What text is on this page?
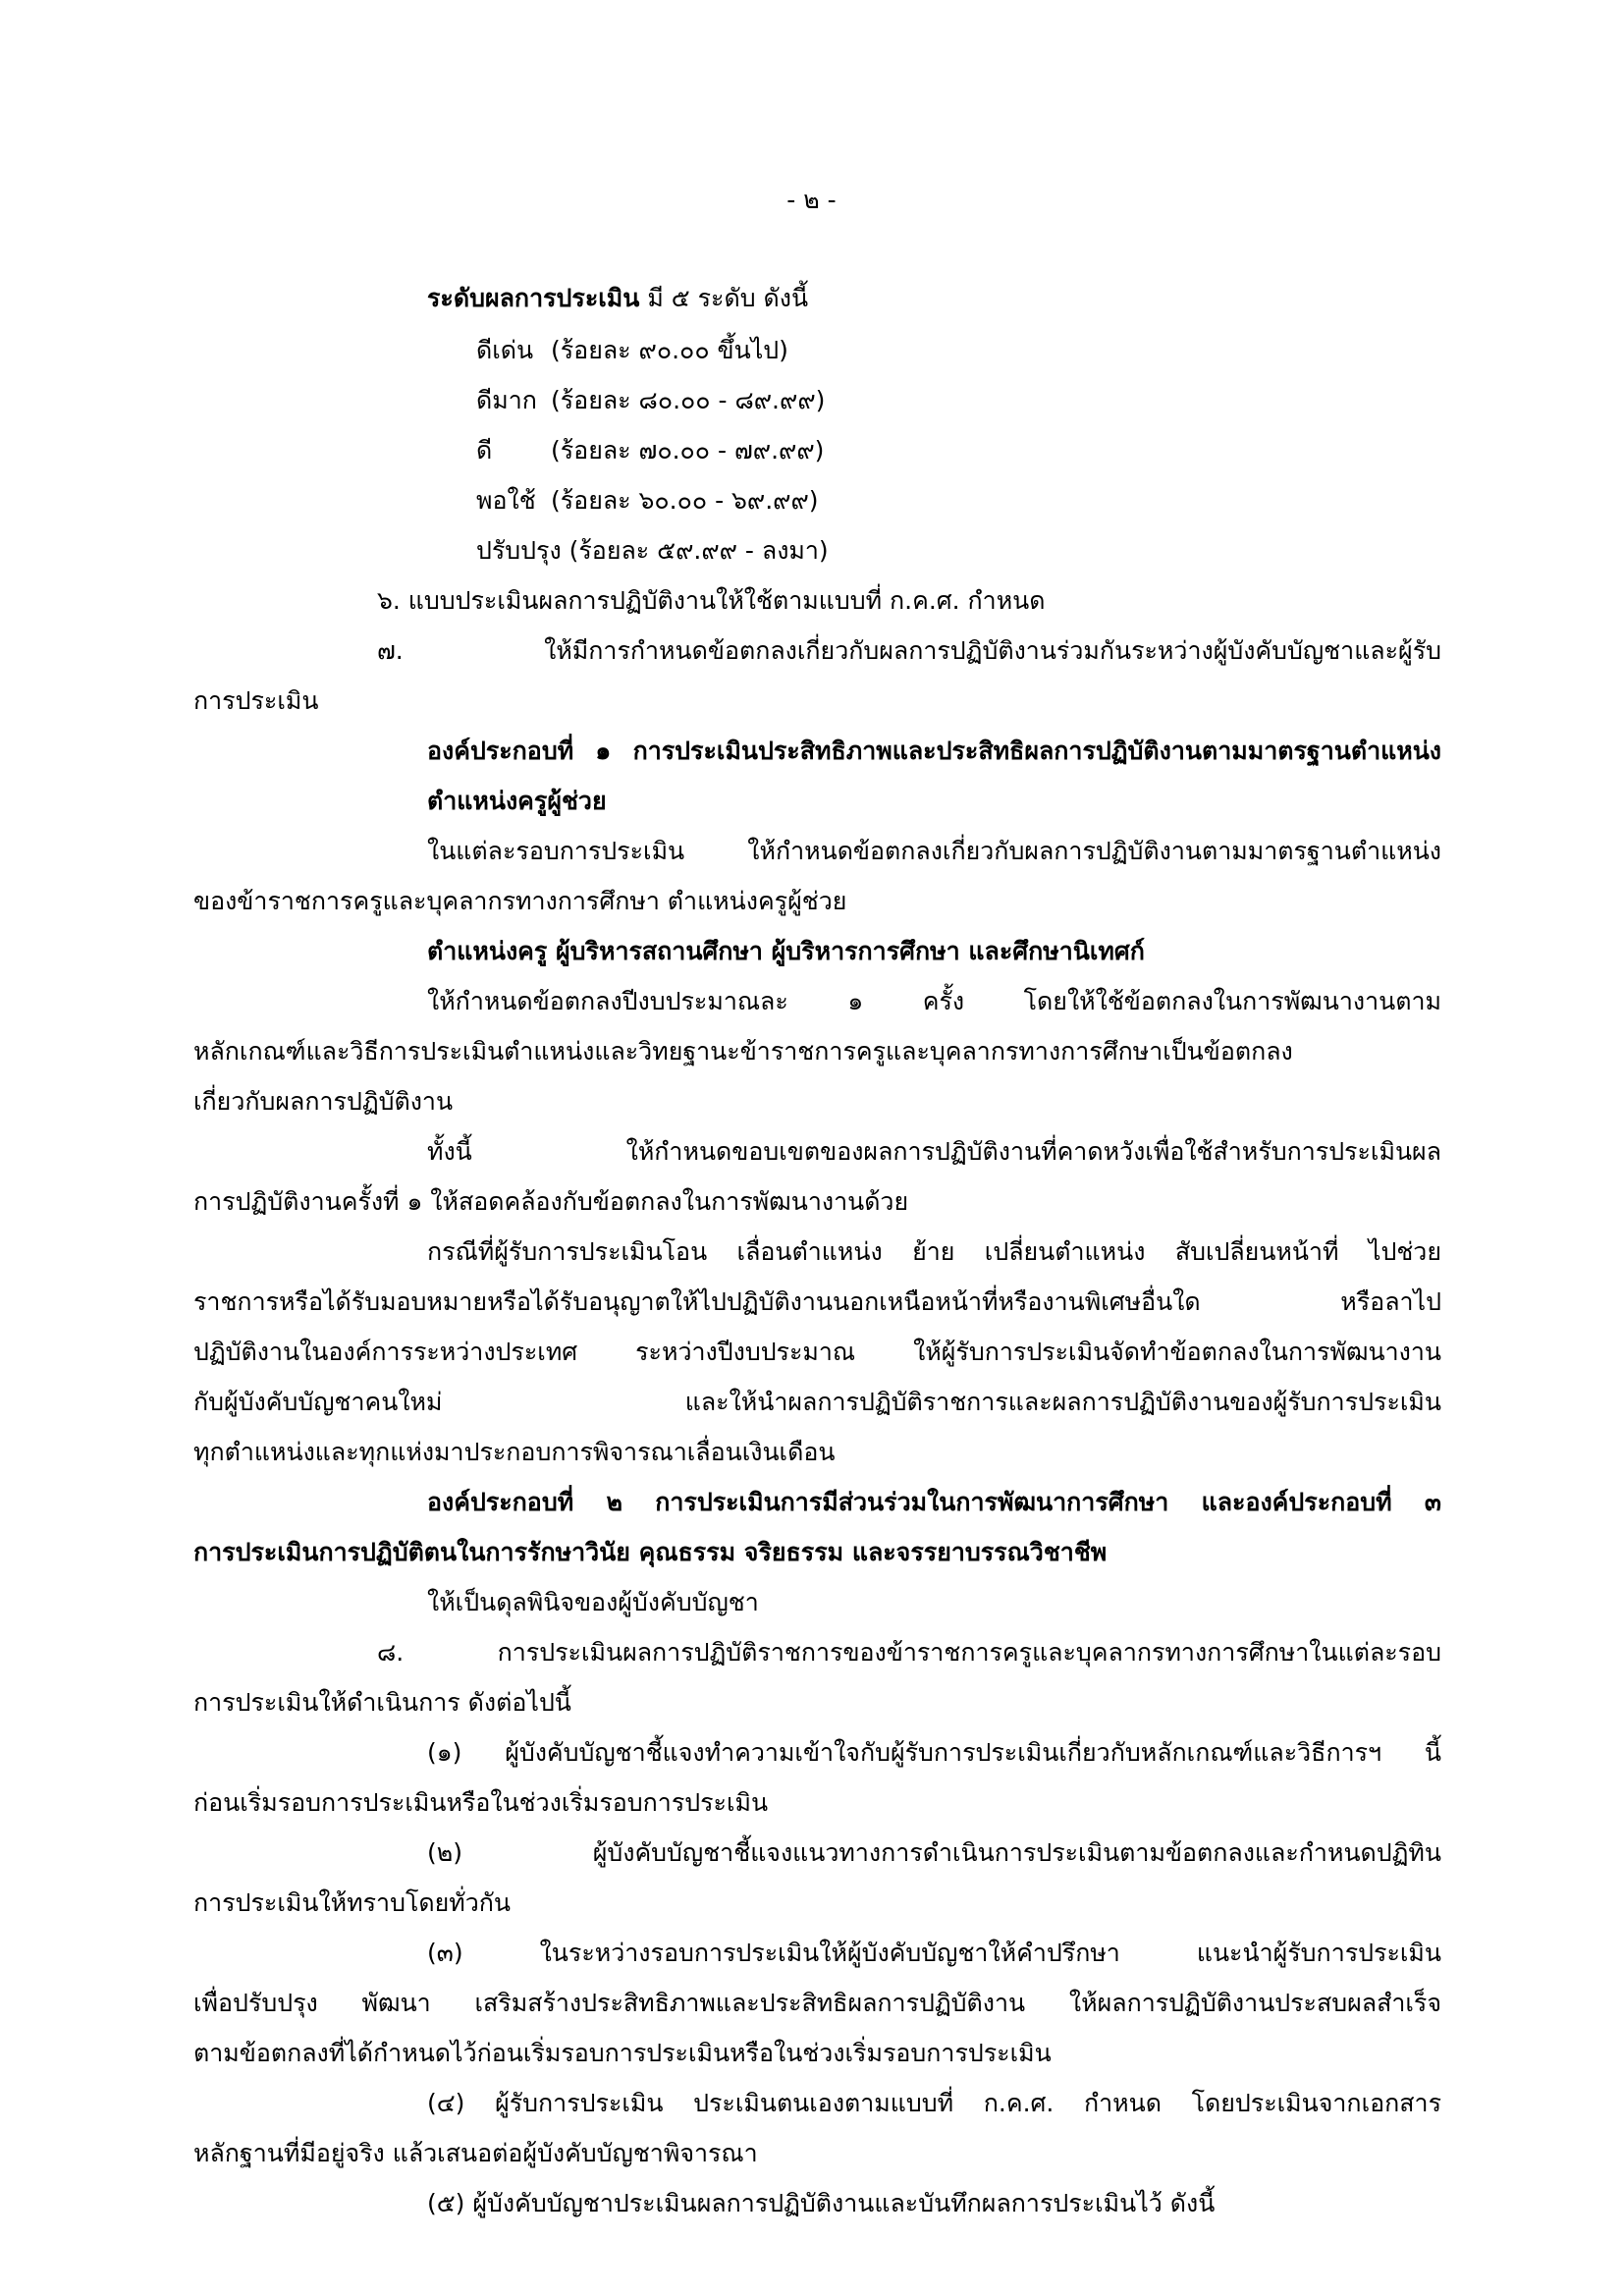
- ๒ -

ระดับผลการประเมิน มี ๕ ระดับ ดังนี้

ดีเด่น (ร้อยละ ๙๐.๐๐ ขึ้นไป)

ดีมาก (ร้อยละ ๘๐.๐๐ - ๘๙.๙๙)

ดี (ร้อยละ ๗๐.๐๐ - ๗๙.๙๙)

พอใช้ (ร้อยละ ๖๐.๐๐ - ๖๙.๙๙)

ปรับปรุง (ร้อยละ ๕๙.๙๙ - ลงมา)

๖. แบบประเมินผลการปฏิบัติงานให้ใช้ตามแบบที่ ก.ค.ศ. กำหนด

๗. ให้มีการกำหนดข้อตกลงเกี่ยวกับผลการปฏิบัติงานร่วมกันระหว่างผู้บังคับบัญชาและผู้รับ

การประเมิน

องค์ประกอบที่ ๑ การประเมินประสิทธิภาพและประสิทธิผลการปฏิบัติงานตามมาตรฐานตำแหน่ง

ตำแหน่งครูผู้ช่วย

ในแต่ละรอบการประเมิน ให้กำหนดข้อตกลงเกี่ยวกับผลการปฏิบัติงานตามมาตรฐานตำแหน่ง

ของข้าราชการครูและบุคลากรทางการศึกษา ตำแหน่งครูผู้ช่วย

ตำแหน่งครู ผู้บริหารสถานศึกษา ผู้บริหารการศึกษา และศึกษานิเทศก์

ให้กำหนดข้อตกลงปีงบประมาณละ ๑ ครั้ง โดยให้ใช้ข้อตกลงในการพัฒนางานตาม

หลักเกณฑ์และวิธีการประเมินตำแหน่งและวิทยฐานะข้าราชการครูและบุคลากรทางการศึกษาเป็นข้อตกลง

เกี่ยวกับผลการปฏิบัติงาน

ทั้งนี้ ให้กำหนดขอบเขตของผลการปฏิบัติงานที่คาดหวังเพื่อใช้สำหรับการประเมินผล

การปฏิบัติงานครั้งที่ ๑ ให้สอดคล้องกับข้อตกลงในการพัฒนางานด้วย

กรณีที่ผู้รับการประเมินโอน เลื่อนตำแหน่ง ย้าย เปลี่ยนตำแหน่ง สับเปลี่ยนหน้าที่ ไปช่วย

ราชการหรือได้รับมอบหมายหรือได้รับอนุญาตให้ไปปฏิบัติงานนอกเหนือหน้าที่หรืองานพิเศษอื่นใด หรือลาไป

ปฏิบัติงานในองค์การระหว่างประเทศ ระหว่างปีงบประมาณ ให้ผู้รับการประเมินจัดทำข้อตกลงในการพัฒนางาน

กับผู้บังคับบัญชาคนใหม่ และให้นำผลการปฏิบัติราชการและผลการปฏิบัติงานของผู้รับการประเมิน

ทุกตำแหน่งและทุกแห่งมาประกอบการพิจารณาเลื่อนเงินเดือน

องค์ประกอบที่ ๒ การประเมินการมีส่วนร่วมในการพัฒนาการศึกษา และองค์ประกอบที่ ๓

การประเมินการปฏิบัติตนในการรักษาวินัย คุณธรรม จริยธรรม และจรรยาบรรณวิชาชีพ

ให้เป็นดุลพินิจของผู้บังคับบัญชา

๘. การประเมินผลการปฏิบัติราชการของข้าราชการครูและบุคลากรทางการศึกษาในแต่ละรอบ

การประเมินให้ดำเนินการ ดังต่อไปนี้

(๑) ผู้บังคับบัญชาชี้แจงทำความเข้าใจกับผู้รับการประเมินเกี่ยวกับหลักเกณฑ์และวิธีการฯ นี้

ก่อนเริ่มรอบการประเมินหรือในช่วงเริ่มรอบการประเมิน

(๒) ผู้บังคับบัญชาชี้แจงแนวทางการดำเนินการประเมินตามข้อตกลงและกำหนดปฏิทิน

การประเมินให้ทราบโดยทั่วกัน

(๓) ในระหว่างรอบการประเมินให้ผู้บังคับบัญชาให้คำปรึกษา แนะนำผู้รับการประเมิน

เพื่อปรับปรุง พัฒนา เสริมสร้างประสิทธิภาพและประสิทธิผลการปฏิบัติงาน ให้ผลการปฏิบัติงานประสบผลสำเร็จ

ตามข้อตกลงที่ได้กำหนดไว้ก่อนเริ่มรอบการประเมินหรือในช่วงเริ่มรอบการประเมิน

(๔) ผู้รับการประเมิน ประเมินตนเองตามแบบที่ ก.ค.ศ. กำหนด โดยประเมินจากเอกสาร

หลักฐานที่มีอยู่จริง แล้วเสนอต่อผู้บังคับบัญชาพิจารณา

(๕) ผู้บังคับบัญชาประเมินผลการปฏิบัติงานและบันทึกผลการประเมินไว้ ดังนี้
